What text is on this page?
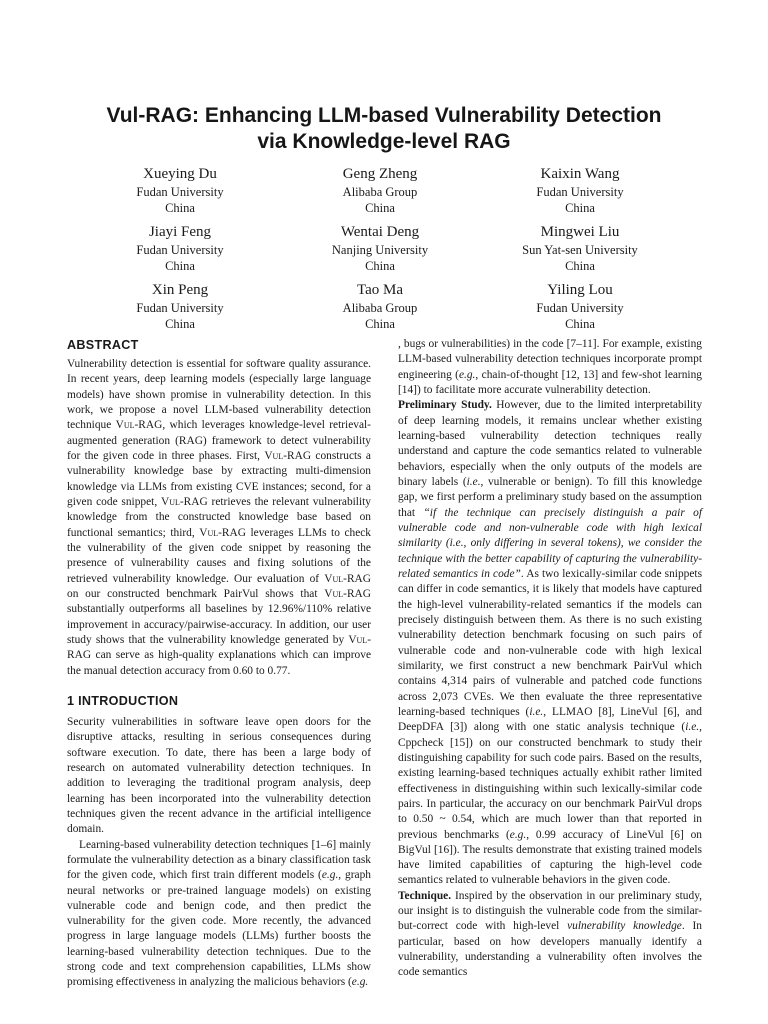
Vul-RAG: Enhancing LLM-based Vulnerability Detection
via Knowledge-level RAG
Xueying Du
Fudan University
China
Geng Zheng
Alibaba Group
China
Kaixin Wang
Fudan University
China
Jiayi Feng
Fudan University
China
Wentai Deng
Nanjing University
China
Mingwei Liu
Sun Yat-sen University
China
Xin Peng
Fudan University
China
Tao Ma
Alibaba Group
China
Yiling Lou
Fudan University
China
ABSTRACT

Vulnerability detection is essential for software quality assurance. In recent years, deep learning models (especially large language models) have shown promise in vulnerability detection. In this work, we propose a novel LLM-based vulnerability detection technique Vul-RAG, which leverages knowledge-level retrieval-augmented generation (RAG) framework to detect vulnerability for the given code in three phases. First, Vul-RAG constructs a vulnerability knowledge base by extracting multi-dimension knowledge via LLMs from existing CVE instances; second, for a given code snippet, Vul-RAG retrieves the relevant vulnerability knowledge from the constructed knowledge base based on functional semantics; third, Vul-RAG leverages LLMs to check the vulnerability of the given code snippet by reasoning the presence of vulnerability causes and fixing solutions of the retrieved vulnerability knowledge. Our evaluation of Vul-RAG on our constructed benchmark PairVul shows that Vul-RAG substantially outperforms all baselines by 12.96%/110% relative improvement in accuracy/pairwise-accuracy. In addition, our user study shows that the vulnerability knowledge generated by Vul-RAG can serve as high-quality explanations which can improve the manual detection accuracy from 0.60 to 0.77.

1 INTRODUCTION

Security vulnerabilities in software leave open doors for the disruptive attacks, resulting in serious consequences during software execution. To date, there has been a large body of research on automated vulnerability detection techniques. In addition to leveraging the traditional program analysis, deep learning has been incorporated into the vulnerability detection techniques given the recent advance in the artificial intelligence domain.

Learning-based vulnerability detection techniques [1–6] mainly formulate the vulnerability detection as a binary classification task for the given code, which first train different models (e.g., graph neural networks or pre-trained language models) on existing vulnerable code and benign code, and then predict the vulnerability for the given code. More recently, the advanced progress in large language models (LLMs) further boosts the learning-based vulnerability detection techniques. Due to the strong code and text comprehension capabilities, LLMs show promising effectiveness in analyzing the malicious behaviors (e.g.

, bugs or vulnerabilities) in the code [7–11]. For example, existing LLM-based vulnerability detection techniques incorporate prompt engineering (e.g., chain-of-thought [12, 13] and few-shot learning [14]) to facilitate more accurate vulnerability detection.

Preliminary Study. However, due to the limited interpretability of deep learning models, it remains unclear whether existing learning-based vulnerability detection techniques really understand and capture the code semantics related to vulnerable behaviors, especially when the only outputs of the models are binary labels (i.e., vulnerable or benign). To fill this knowledge gap, we first perform a preliminary study based on the assumption that “if the technique can precisely distinguish a pair of vulnerable code and non-vulnerable code with high lexical similarity (i.e., only differing in several tokens), we consider the technique with the better capability of capturing the vulnerability-related semantics in code”. As two lexically-similar code snippets can differ in code semantics, it is likely that models have captured the high-level vulnerability-related semantics if the models can precisely distinguish between them. As there is no such existing vulnerability detection benchmark focusing on such pairs of vulnerable code and non-vulnerable code with high lexical similarity, we first construct a new benchmark PairVul which contains 4,314 pairs of vulnerable and patched code functions across 2,073 CVEs. We then evaluate the three representative learning-based techniques (i.e., LLMAO [8], LineVul [6], and DeepDFA [3]) along with one static analysis technique (i.e., Cppcheck [15]) on our constructed benchmark to study their distinguishing capability for such code pairs. Based on the results, existing learning-based techniques actually exhibit rather limited effectiveness in distinguishing within such lexically-similar code pairs. In particular, the accuracy on our benchmark PairVul drops to 0.50 ~ 0.54, which are much lower than that reported in previous benchmarks (e.g., 0.99 accuracy of LineVul [6] on BigVul [16]). The results demonstrate that existing trained models have limited capabilities of capturing the high-level code semantics related to vulnerable behaviors in the given code.

Technique. Inspired by the observation in our preliminary study, our insight is to distinguish the vulnerable code from the similar-but-correct code with high-level vulnerability knowledge. In particular, based on how developers manually identify a vulnerability, understanding a vulnerability often involves the code semantics
